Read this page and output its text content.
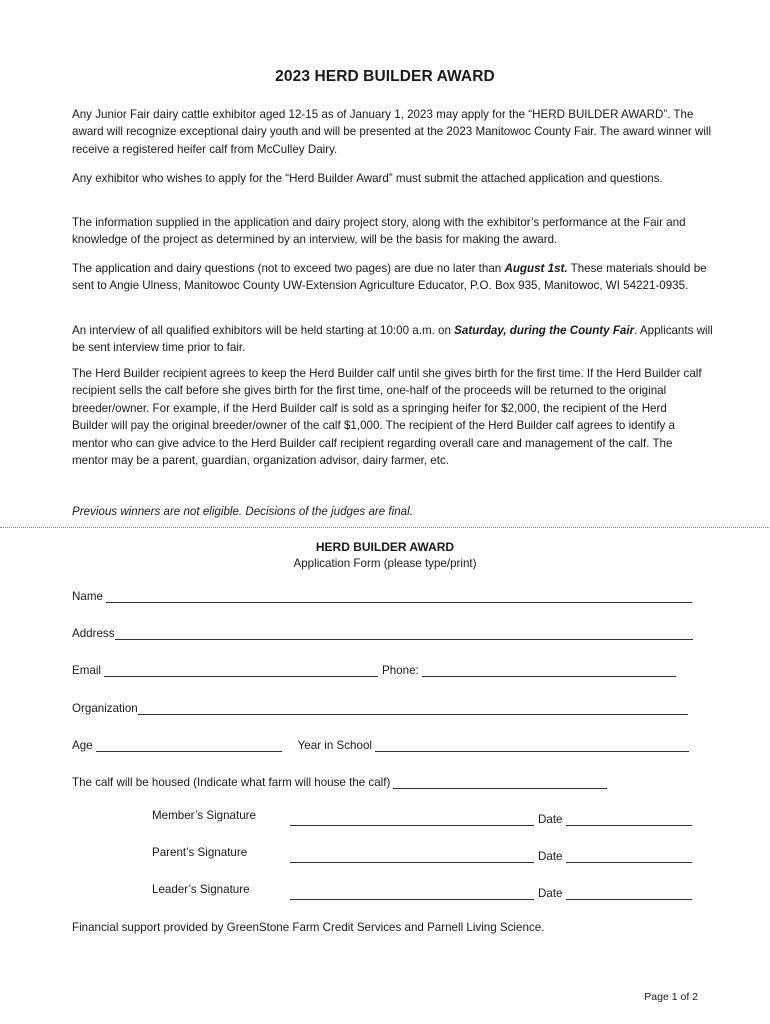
2023 HERD BUILDER AWARD

Any Junior Fair dairy cattle exhibitor aged 12-15 as of January 1, 2023 may apply for the “HERD BUILDER AWARD”. The award will recognize exceptional dairy youth and will be presented at the 2023 Manitowoc County Fair. The award winner will receive a registered heifer calf from McCulley Dairy.

Any exhibitor who wishes to apply for the “Herd Builder Award” must submit the attached application and questions.

The information supplied in the application and dairy project story, along with the exhibitor’s performance at the Fair and knowledge of the project as determined by an interview, will be the basis for making the award.

The application and dairy questions (not to exceed two pages) are due no later than August 1st. These materials should be sent to Angie Ulness, Manitowoc County UW-Extension Agriculture Educator, P.O. Box 935, Manitowoc, WI 54221-0935.

An interview of all qualified exhibitors will be held starting at 10:00 a.m. on Saturday, during the County Fair. Applicants will be sent interview time prior to fair.

The Herd Builder recipient agrees to keep the Herd Builder calf until she gives birth for the first time. If the Herd Builder calf recipient sells the calf before she gives birth for the first time, one-half of the proceeds will be returned to the original breeder/owner. For example, if the Herd Builder calf is sold as a springing heifer for $2,000, the recipient of the Herd Builder will pay the original breeder/owner of the calf $1,000. The recipient of the Herd Builder calf agrees to identify a mentor who can give advice to the Herd Builder calf recipient regarding overall care and management of the calf. The mentor may be a parent, guardian, organization advisor, dairy farmer, etc.

Previous winners are not eligible. Decisions of the judges are final.

HERD BUILDER AWARD
Application Form (please type/print)
Name
Address
Email	Phone:
Organization
Age	Year in School
The calf will be housed (Indicate what farm will house the calf)
Member’s Signature	Date
Parent’s Signature	Date
Leader’s Signature	Date
Financial support provided by GreenStone Farm Credit Services and Parnell Living Science.
Page 1 of 2
